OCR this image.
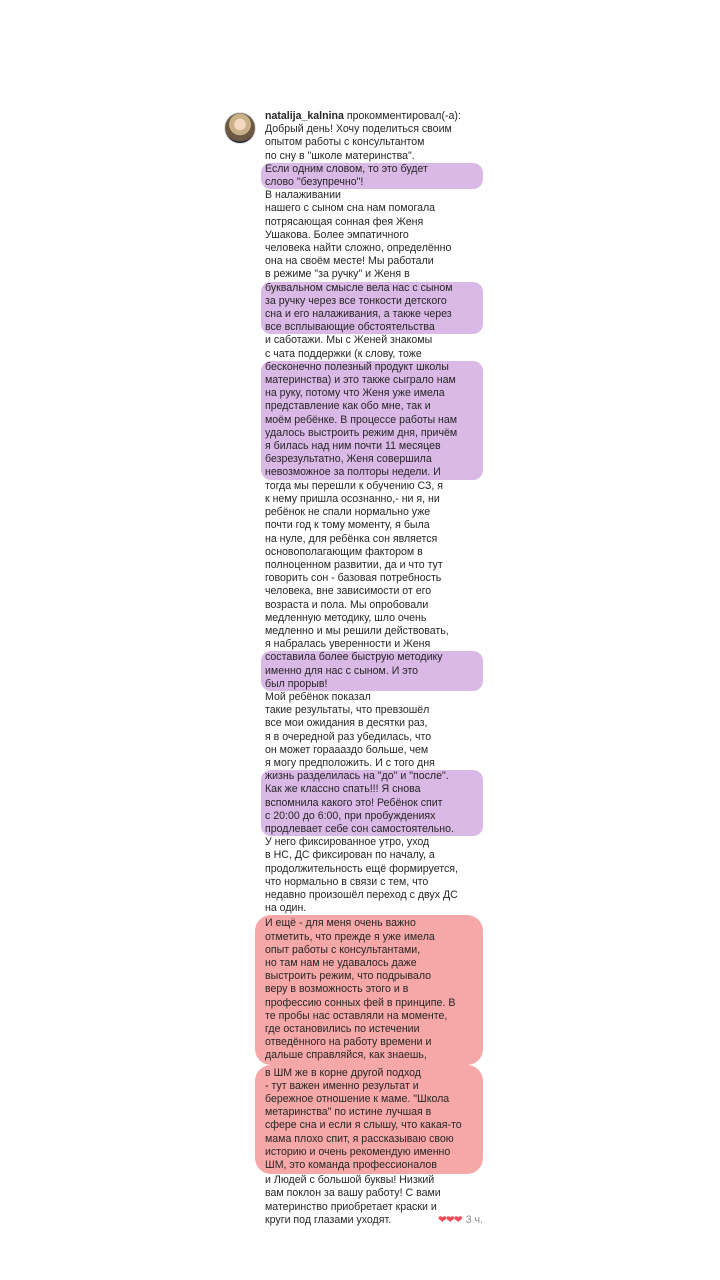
natalija_kalnina прокомментировал(-а):

Добрый день! Хочу поделиться своим
опытом работы с консультантом
по сну в "школе материнства".

Если одним словом, то это будет
слово "безупречно"!

В налаживании
нашего с сыном сна нам помогала
потрясающая сонная фея Женя
Ушакова. Более эмпатичного
человека найти сложно, определённо
она на своём месте! Мы работали
в режиме "за ручку" и Женя в

буквальном смысле вела нас с сыном
за ручку через все тонкости детского
сна и его налаживания, а также через
все всплывающие обстоятельства

и саботажи. Мы с Женей знакомы
с чата поддержки (к слову, тоже

бесконечно полезный продукт школы
материнства) и это также сыграло нам
на руку, потому что Женя уже имела
представление как обо мне, так и
моём ребёнке. В процессе работы нам
удалось выстроить режим дня, причём
я билась над ним почти 11 месяцев
безрезультатно, Женя совершила
невозможное за полторы недели. И

тогда мы перешли к обучению СЗ, я
к нему пришла осознанно,- ни я, ни
ребёнок не спали нормально уже
почти год к тому моменту, я была
на нуле, для ребёнка сон является
основополагающим фактором в
полноценном развитии, да и что тут
говорить сон - базовая потребность
человека, вне зависимости от его
возраста и пола. Мы опробовали
медленную методику, шло очень
медленно и мы решили действовать,
я набралась уверенности и Женя

составила более быструю методику
именно для нас с сыном. И это
был прорыв!

Мой ребёнок показал
такие результаты, что превзошёл
все мои ожидания в десятки раз,
я в очередной раз убедилась, что
он может гораааздо больше, чем
я могу предположить. И с того дня

жизнь разделилась на "до" и "после".
Как же классно спать!!! Я снова
вспомнила какого это! Ребёнок спит
с 20:00 до 6:00, при пробуждениях
продлевает себе сон самостоятельно.

У него фиксированное утро, уход
в НС, ДС фиксирован по началу, а
продолжительность ещё формируется,
что нормально в связи с тем, что
недавно произошёл переход с двух ДС
на один.

И ещё - для меня очень важно
отметить, что прежде я уже имела
опыт работы с консультантами,
но там нам не удавалось даже
выстроить режим, что подрывало
веру в возможность этого и в
профессию сонных фей в принципе. В
те пробы нас оставляли на моменте,
где остановились по истечении
отведённого на работу времени и
дальше справляйся, как знаешь,

в ШМ же в корне другой подход
- тут важен именно результат и
бережное отношение к маме. "Школа
метаринства" по истине лучшая в
сфере сна и если я слышу, что какая-то
мама плохо спит, я рассказываю свою
историю и очень рекомендую именно
ШМ, это команда профессионалов

и Людей с большой буквы! Низкий
вам поклон за вашу работу! С вами
материнство приобретает краски и
круги под глазами уходят.	❤❤❤ 3 ч.
